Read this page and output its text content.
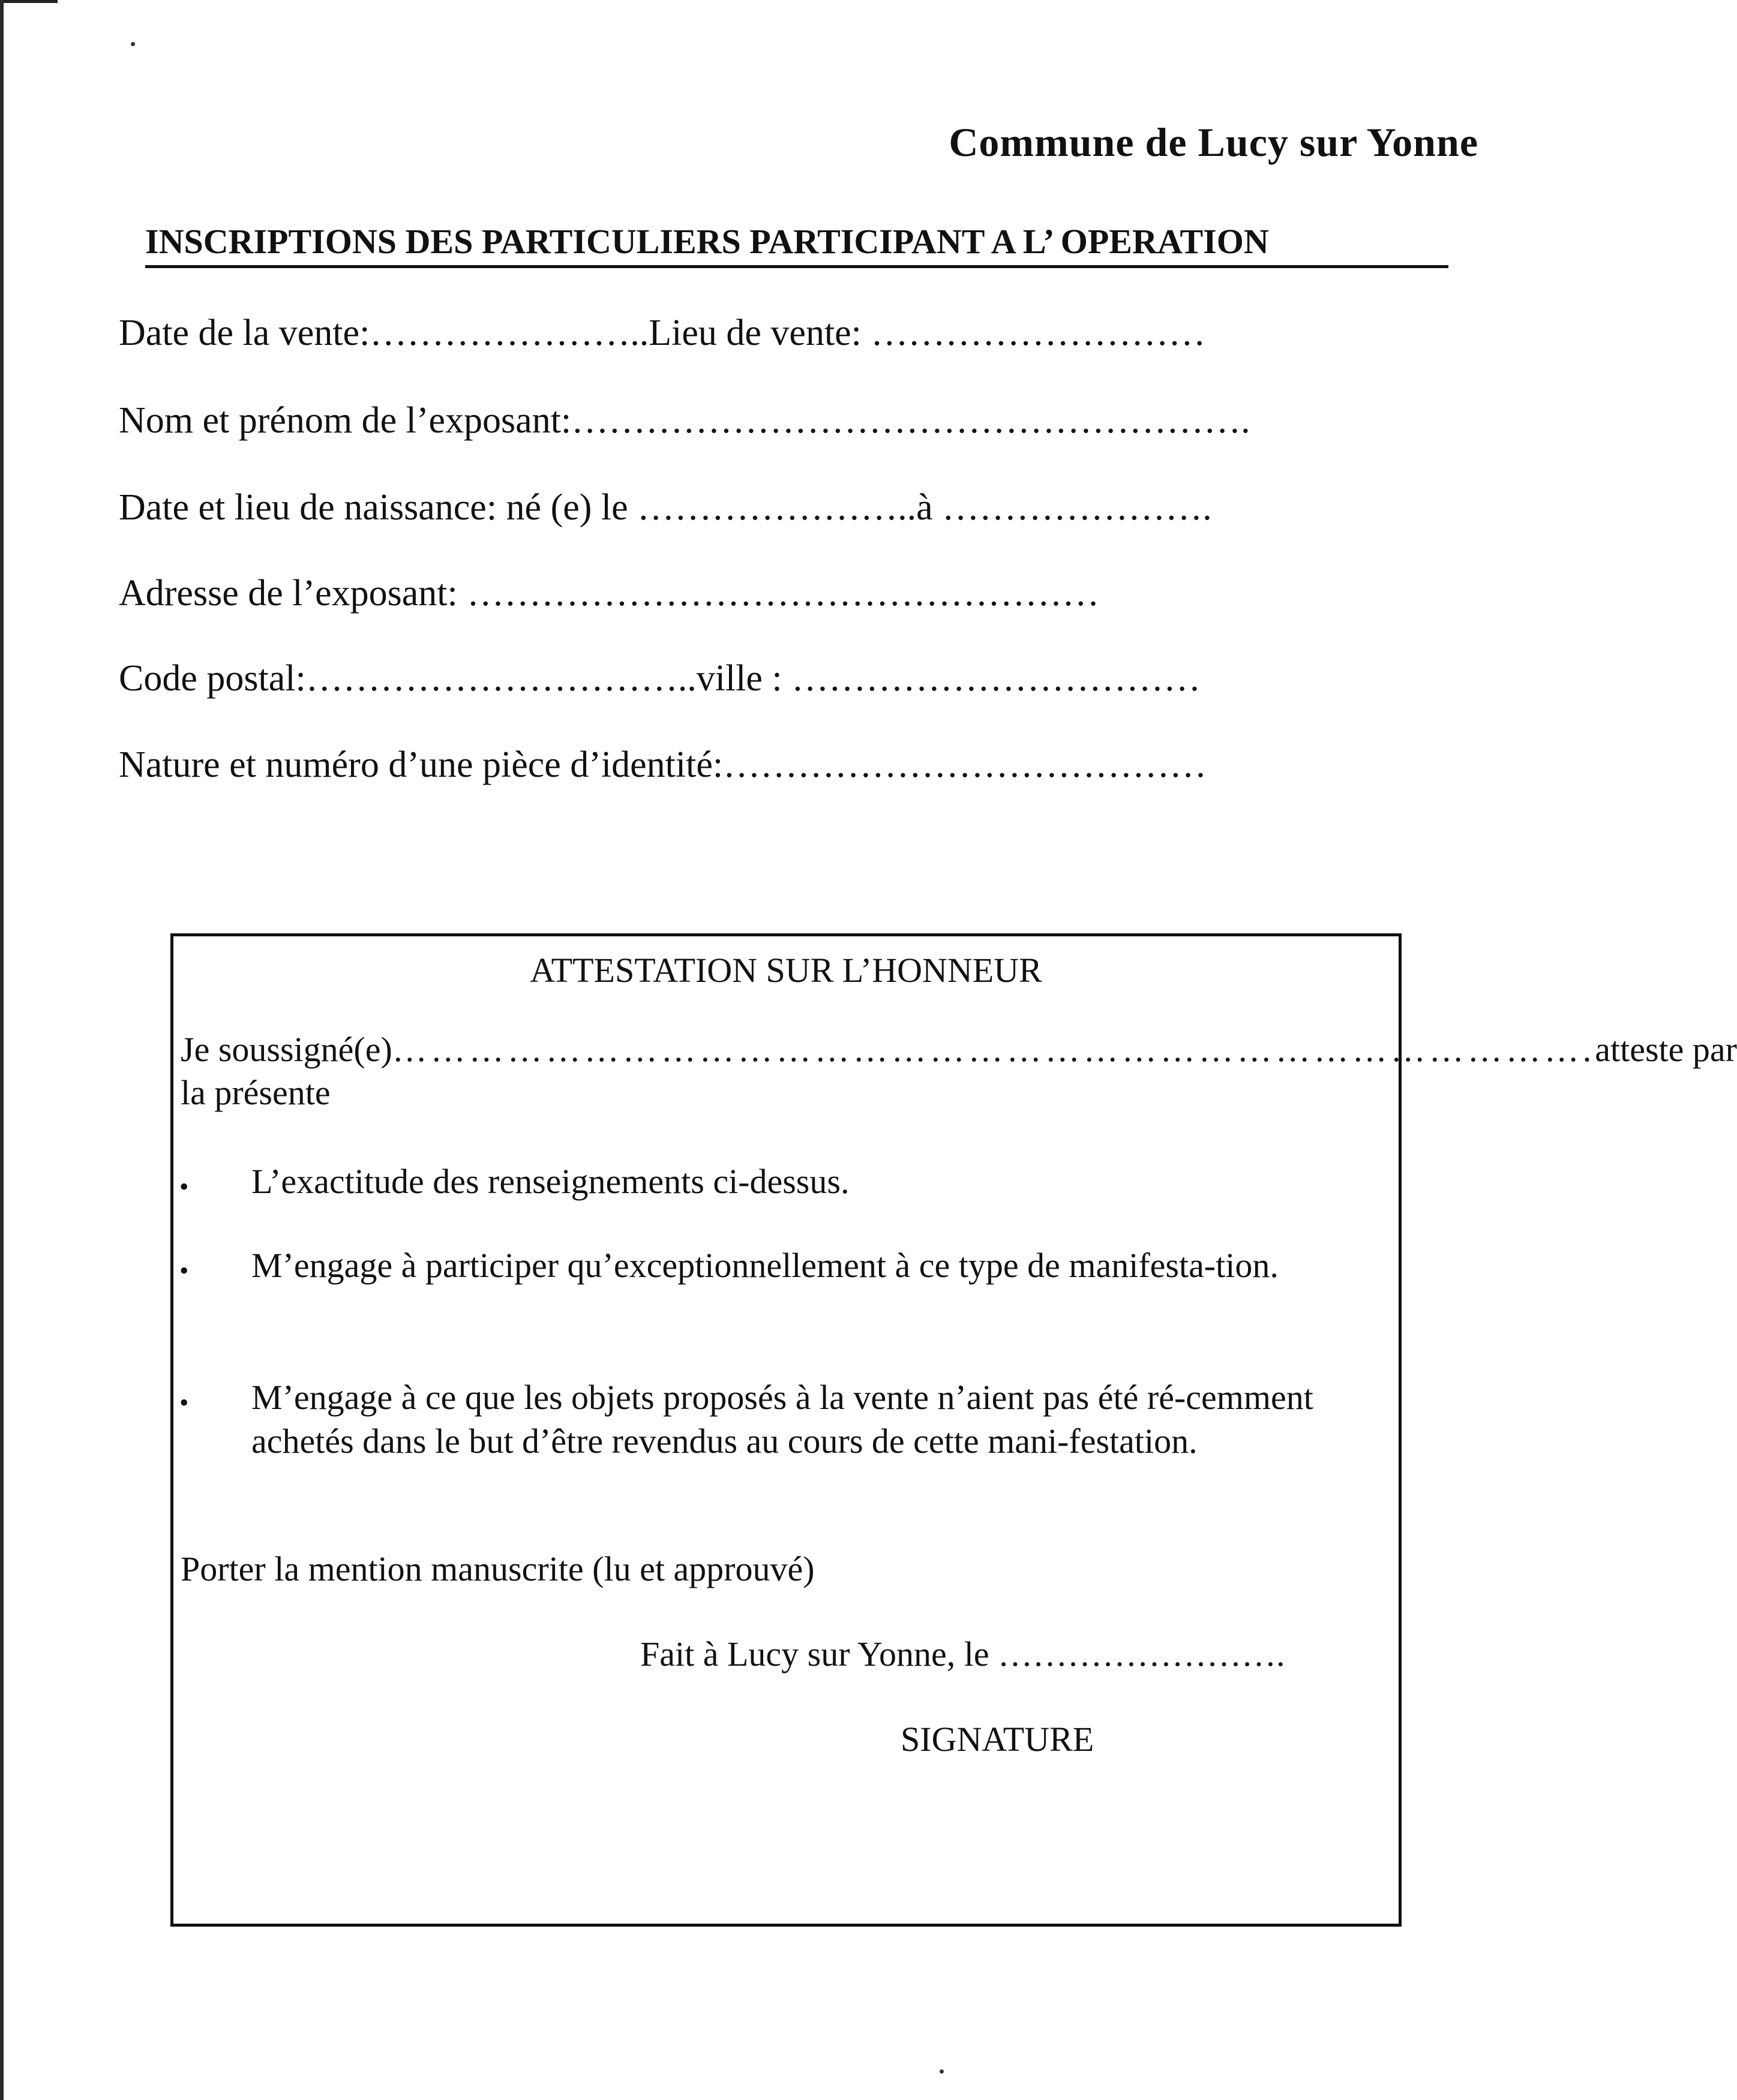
Commune de Lucy sur Yonne
INSCRIPTIONS DES PARTICULIERS PARTICIPANT A L’ OPERATION
Date de la vente:…………………..Lieu de vente: ………………………
Nom et prénom de l’exposant:……………………………………………….
Date et lieu de naissance: né (e) le …………………..à ………………….
Adresse de l’exposant: ……………………………………………
Code postal:…………………………..ville : ……………………………
Nature et numéro d’une pièce d’identité:…………………………………
ATTESTATION SUR L’HONNEUR
Je soussigné(e) …………………………………………………………………………………. atteste par
la présente
• L’exactitude des renseignements ci-dessus.
• M’engage à participer qu’exceptionnellement à ce type de manifesta-tion.
• M’engage à ce que les objets proposés à la vente n’aient pas été ré-cemment achetés dans le but d’être revendus au cours de cette mani-festation.
Porter la mention manuscrite (lu et approuvé)
Fait à Lucy sur Yonne, le …………………….
SIGNATURE
